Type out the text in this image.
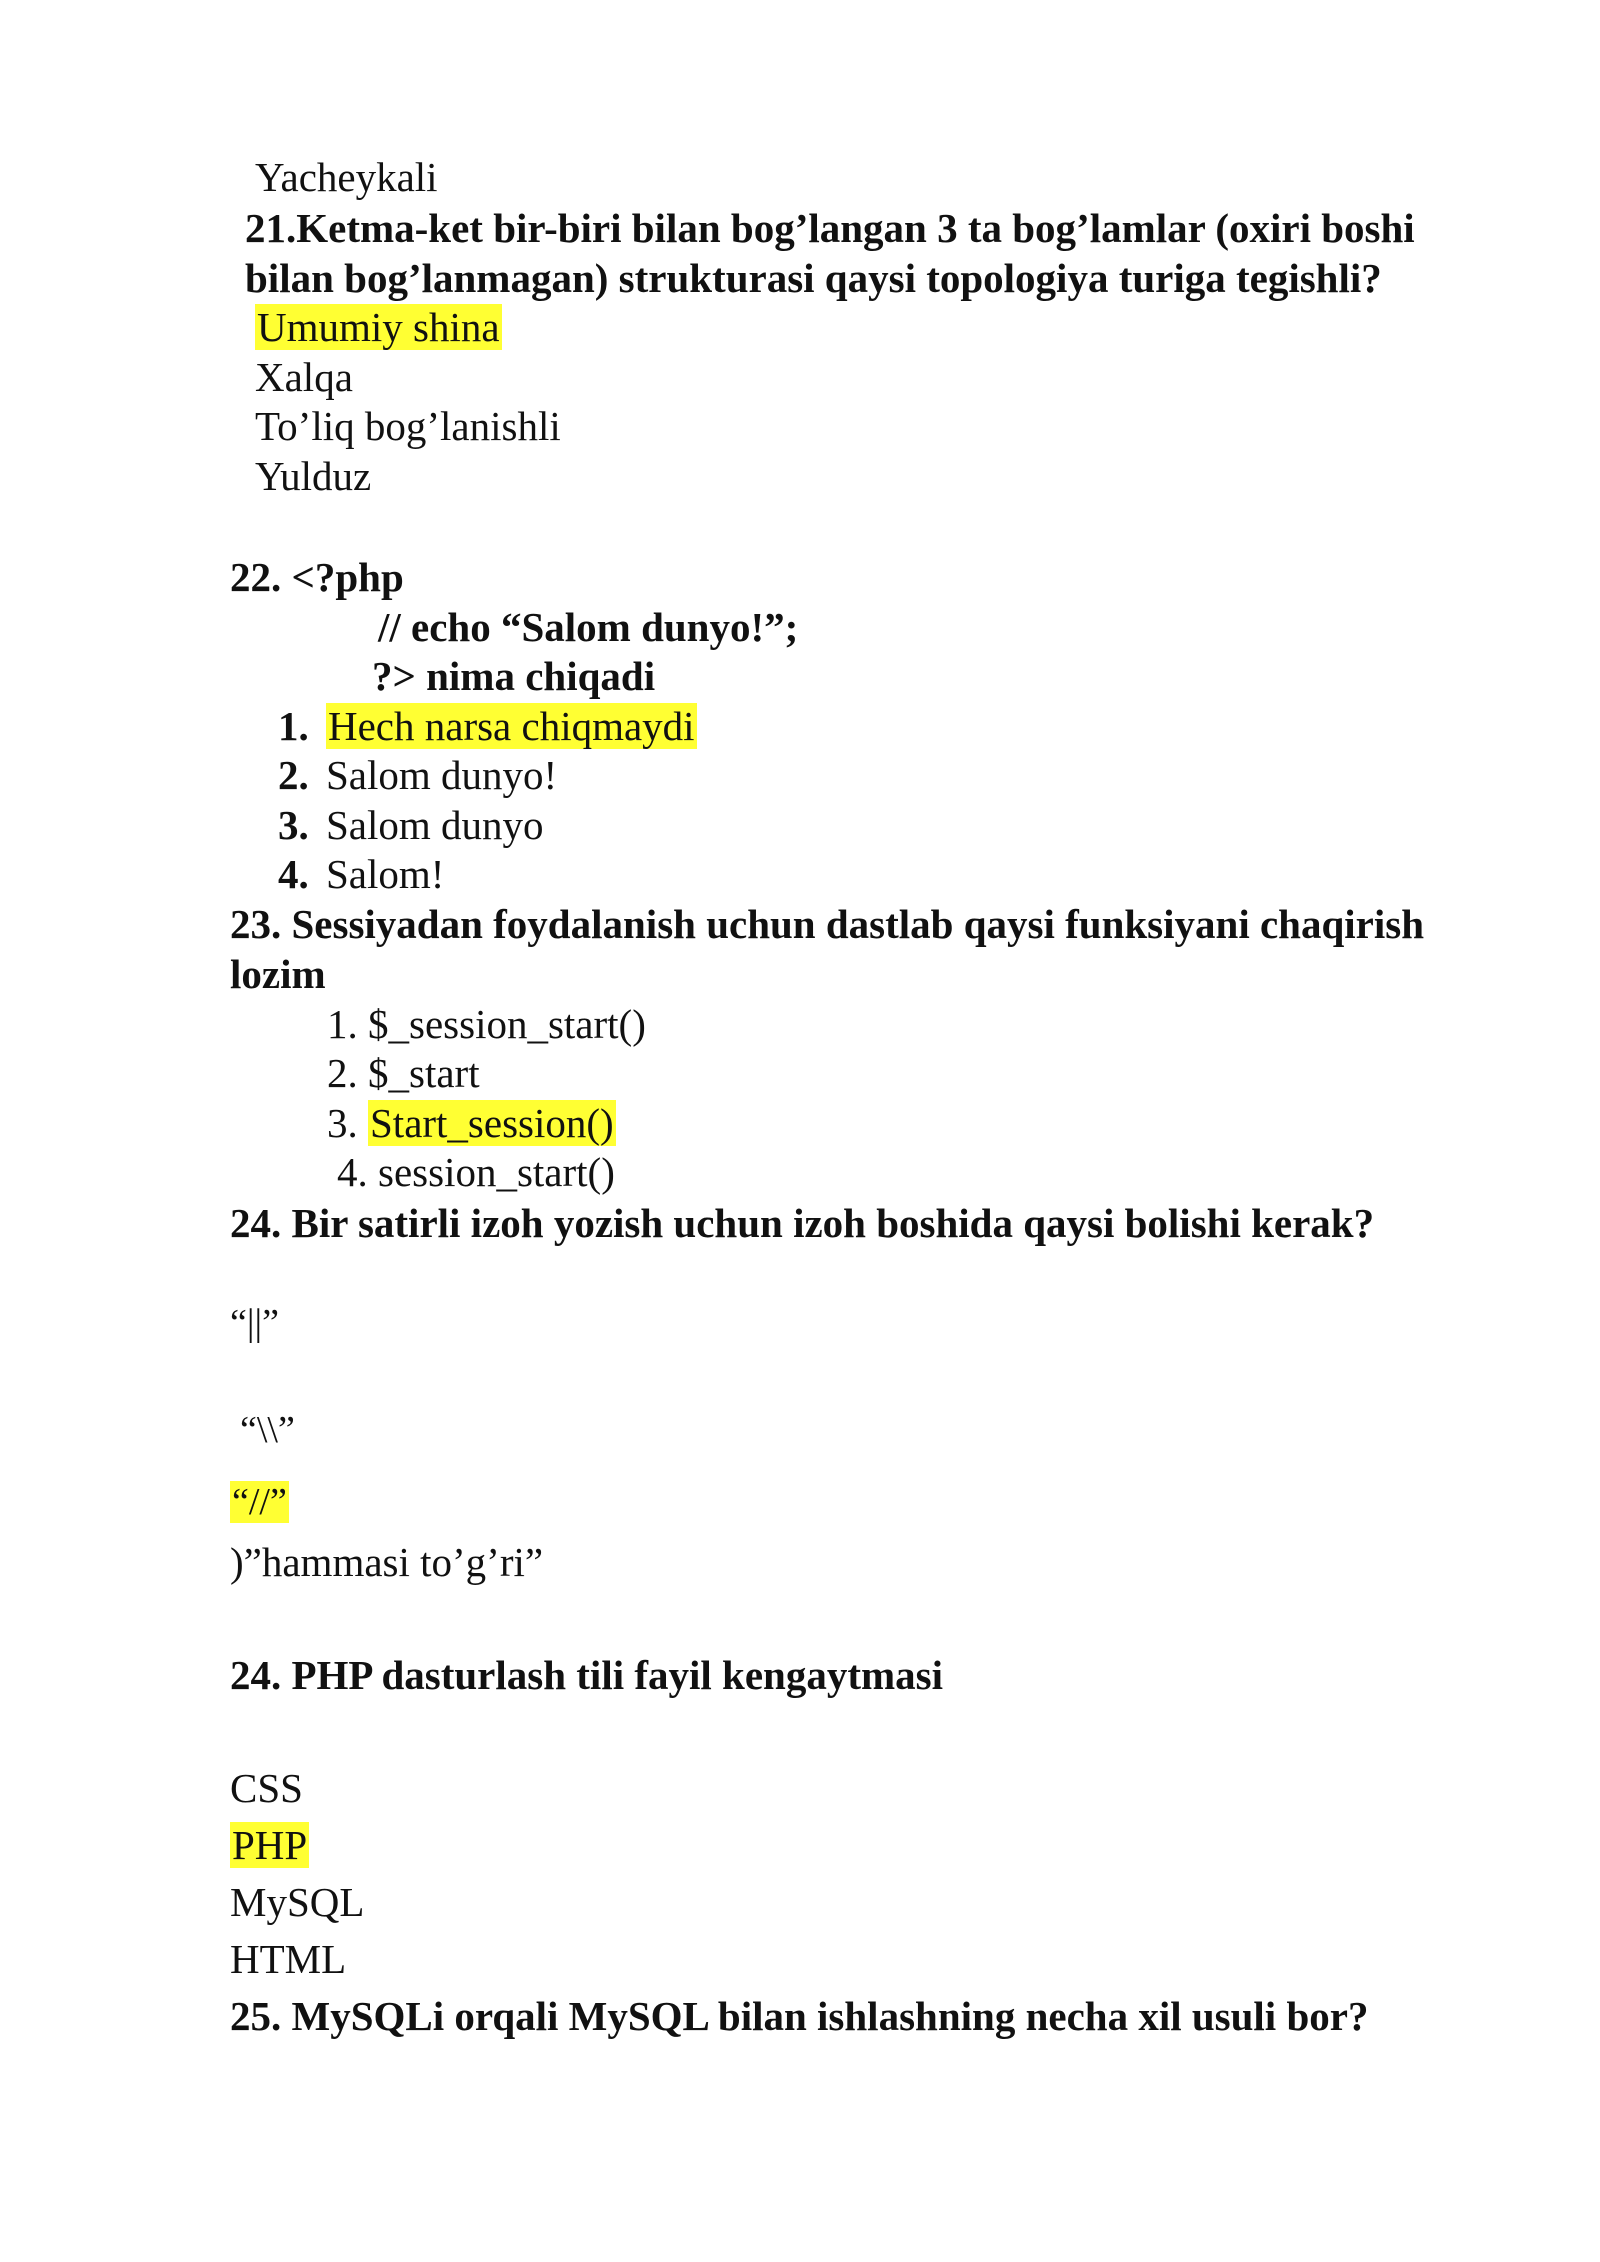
Yacheykali
21.Ketma-ket bir-biri bilan bog’langan 3 ta bog’lamlar (oxiri boshi
bilan bog’lanmagan) strukturasi qaysi topologiya turiga tegishli?
Umumiy shina
Xalqa
To’liq bog’lanishli
Yulduz
22. <?php
// echo “Salom dunyo!”;
?> nima chiqadi
1. Hech narsa chiqmaydi
2. Salom dunyo!
3. Salom dunyo
4. Salom!
23. Sessiyadan foydalanish uchun dastlab qaysi funksiyani chaqirish
lozim
1. $_session_start()
2. $_start
3. Start_session()
4. session_start()
24. Bir satirli izoh yozish uchun izoh boshida qaysi bolishi kerak?
“||”
“\\”
“//”
)”hammasi to’g’ri”
24. PHP dasturlash tili fayil kengaytmasi
CSS
PHP
MySQL
HTML
25. MySQLi orqali MySQL bilan ishlashning necha xil usuli bor?
